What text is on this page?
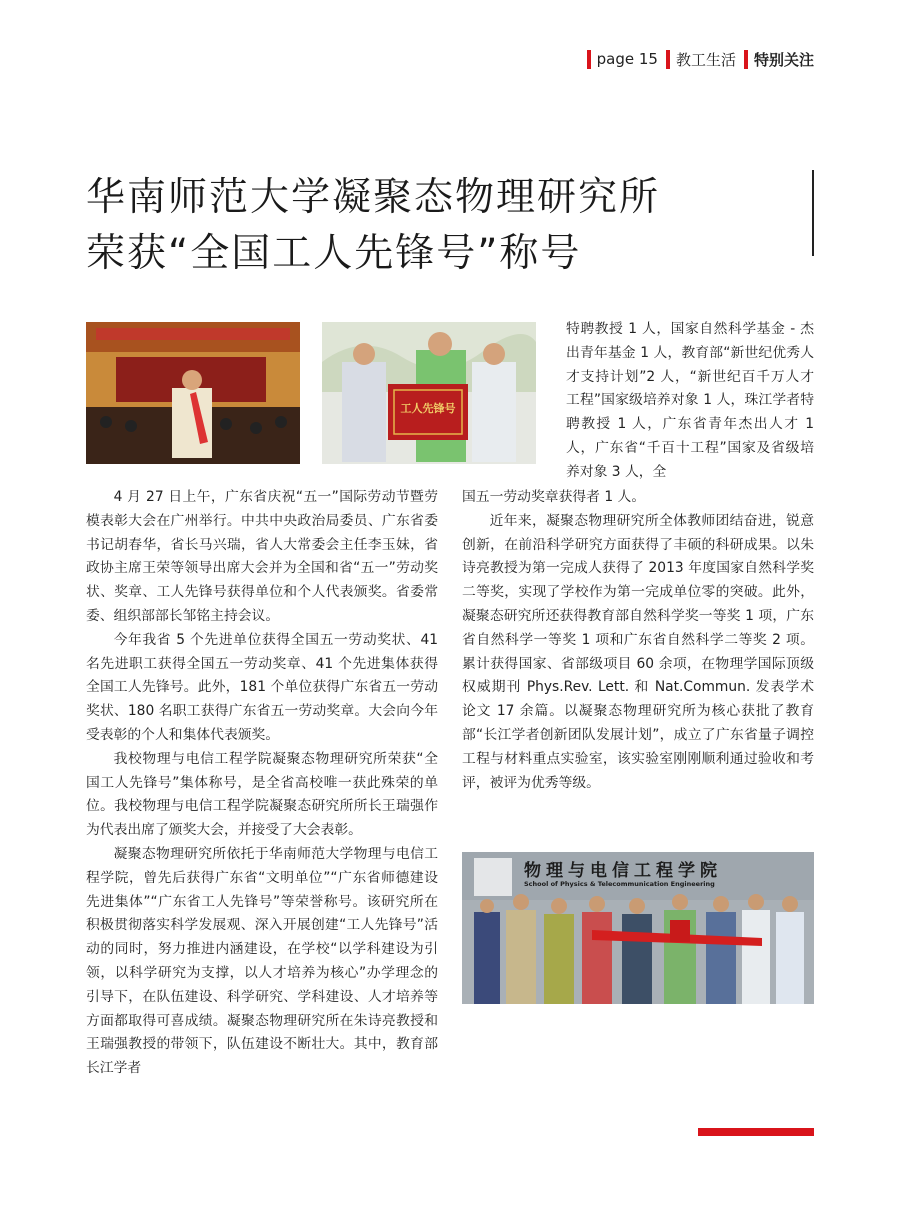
page 15 教工生活 特别关注
华南师范大学凝聚态物理研究所
荣获“全国工人先锋号”称号
工人先锋号
物理与电信工程学院
School of Physics & Telecommunication Engineering

特聘教授 1 人，国家自然科学基金 - 杰出青年基金 1 人，教育部“新世纪优秀人才支持计划”2 人，“新世纪百千万人才工程”国家级培养对象 1 人，珠江学者特聘教授 1 人，广东省青年杰出人才 1 人，广东省“千百十工程”国家及省级培养对象 3 人，全

4 月 27 日上午，广东省庆祝“五一”国际劳动节暨劳模表彰大会在广州举行。中共中央政治局委员、广东省委书记胡春华，省长马兴瑞，省人大常委会主任李玉妹，省政协主席王荣等领导出席大会并为全国和省“五一”劳动奖状、奖章、工人先锋号获得单位和个人代表颁奖。省委常委、组织部部长邹铭主持会议。

今年我省 5 个先进单位获得全国五一劳动奖状、41 名先进职工获得全国五一劳动奖章、41 个先进集体获得全国工人先锋号。此外，181 个单位获得广东省五一劳动奖状、180 名职工获得广东省五一劳动奖章。大会向今年受表彰的个人和集体代表颁奖。

我校物理与电信工程学院凝聚态物理研究所荣获“全国工人先锋号”集体称号，是全省高校唯一获此殊荣的单位。我校物理与电信工程学院凝聚态研究所所长王瑞强作为代表出席了颁奖大会，并接受了大会表彰。

凝聚态物理研究所依托于华南师范大学物理与电信工程学院，曾先后获得广东省“文明单位”“广东省师德建设先进集体”“广东省工人先锋号”等荣誉称号。该研究所在积极贯彻落实科学发展观、深入开展创建“工人先锋号”活动的同时，努力推进内涵建设，在学校“以学科建设为引领，以科学研究为支撑，以人才培养为核心”办学理念的引导下，在队伍建设、科学研究、学科建设、人才培养等方面都取得可喜成绩。凝聚态物理研究所在朱诗亮教授和王瑞强教授的带领下，队伍建设不断壮大。其中，教育部长江学者

国五一劳动奖章获得者 1 人。

近年来，凝聚态物理研究所全体教师团结奋进，锐意创新，在前沿科学研究方面获得了丰硕的科研成果。以朱诗亮教授为第一完成人获得了 2013 年度国家自然科学奖二等奖，实现了学校作为第一完成单位零的突破。此外，凝聚态研究所还获得教育部自然科学奖一等奖 1 项，广东省自然科学一等奖 1 项和广东省自然科学二等奖 2 项。累计获得国家、省部级项目 60 余项，在物理学国际顶级权威期刊 Phys.Rev. Lett. 和 Nat.Commun. 发表学术论文 17 余篇。以凝聚态物理研究所为核心获批了教育部“长江学者创新团队发展计划”，成立了广东省量子调控工程与材料重点实验室，该实验室刚刚顺利通过验收和考评，被评为优秀等级。
